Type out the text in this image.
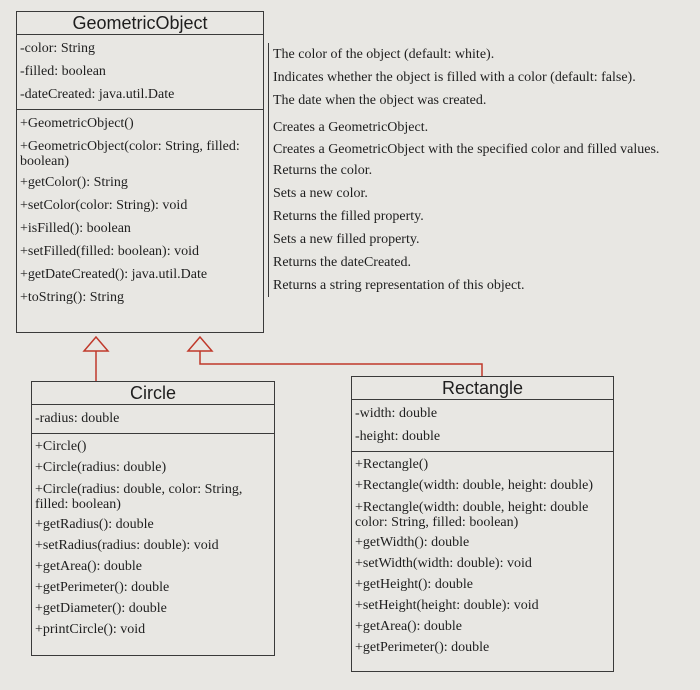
GeometricObject
-color: String
-filled: boolean
-dateCreated: java.util.Date
+GeometricObject()
+GeometricObject(color: String, filled: boolean)
+getColor(): String
+setColor(color: String): void
+isFilled(): boolean
+setFilled(filled: boolean): void
+getDateCreated(): java.util.Date
+toString(): String
The color of the object (default: white).
Indicates whether the object is filled with a color (default: false).
The date when the object was created.
Creates a GeometricObject.
Creates a GeometricObject with the specified color and filled values.
Returns the color.
Sets a new color.
Returns the filled property.
Sets a new filled property.
Returns the dateCreated.
Returns a string representation of this object.
Circle
-radius: double
+Circle()
+Circle(radius: double)
+Circle(radius: double, color: String, filled: boolean)
+getRadius(): double
+setRadius(radius: double): void
+getArea(): double
+getPerimeter(): double
+getDiameter(): double
+printCircle(): void
Rectangle
-width: double
-height: double
+Rectangle()
+Rectangle(width: double, height: double)
+Rectangle(width: double, height: double color: String, filled: boolean)
+getWidth(): double
+setWidth(width: double): void
+getHeight(): double
+setHeight(height: double): void
+getArea(): double
+getPerimeter(): double
